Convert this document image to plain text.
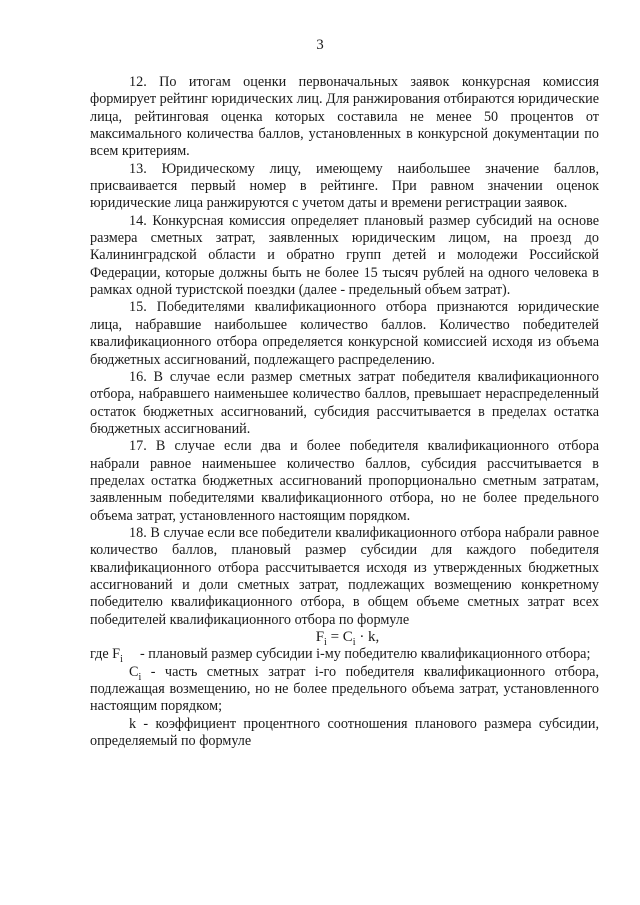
3

12. По итогам оценки первоначальных заявок конкурсная комиссия формирует рейтинг юридических лиц. Для ранжирования отбираются юридические лица, рейтинговая оценка которых составила не менее 50 процентов от максимального количества баллов, установленных в конкурсной документации по всем критериям.

13. Юридическому лицу, имеющему наибольшее значение баллов, присваивается первый номер в рейтинге. При равном значении оценок юридические лица ранжируются с учетом даты и времени регистрации заявок.

14. Конкурсная комиссия определяет плановый размер субсидий на основе размера сметных затрат, заявленных юридическим лицом, на проезд до Калининградской области и обратно групп детей и молодежи Российской Федерации, которые должны быть не более 15 тысяч рублей на одного человека в рамках одной туристской поездки (далее - предельный объем затрат).

15. Победителями квалификационного отбора признаются юридические лица, набравшие наибольшее количество баллов. Количество победителей квалификационного отбора определяется конкурсной комиссией исходя из объема бюджетных ассигнований, подлежащего распределению.

16. В случае если размер сметных затрат победителя квалификационного отбора, набравшего наименьшее количество баллов, превышает нераспределенный остаток бюджетных ассигнований, субсидия рассчитывается в пределах остатка бюджетных ассигнований.

17. В случае если два и более победителя квалификационного отбора набрали равное наименьшее количество баллов, субсидия рассчитывается в пределах остатка бюджетных ассигнований пропорционально сметным затратам, заявленным победителями квалификационного отбора, но не более предельного объема затрат, установленного настоящим порядком.

18. В случае если все победители квалификационного отбора набрали равное количество баллов, плановый размер субсидии для каждого победителя квалификационного отбора рассчитывается исходя из утвержденных бюджетных ассигнований и доли сметных затрат, подлежащих возмещению конкретному победителю квалификационного отбора, в общем объеме сметных затрат всех победителей квалификационного отбора по формуле

$F_i = C_i \cdot k$,

где $F_i$ - плановый размер субсидии i-му победителю квалификационного отбора;

$C_i$ - часть сметных затрат i-го победителя квалификационного отбора, подлежащая возмещению, но не более предельного объема затрат, установленного настоящим порядком;

k - коэффициент процентного соотношения планового размера субсидии, определяемый по формуле
